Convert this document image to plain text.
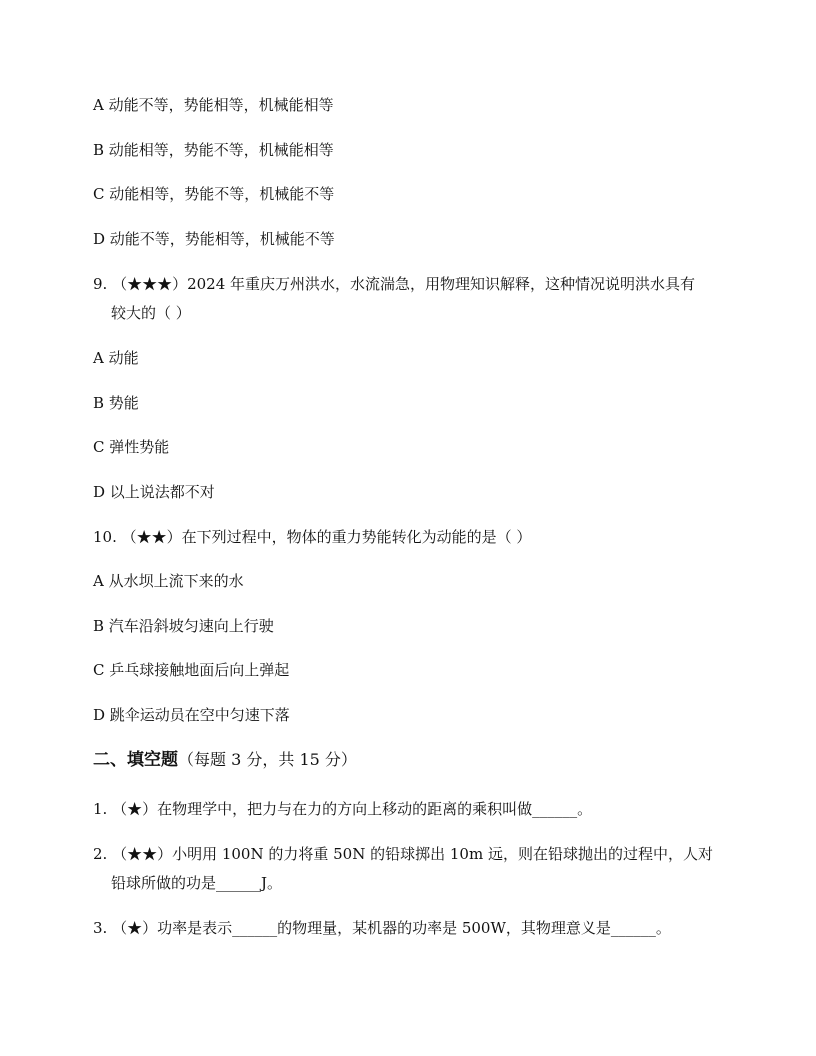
A 动能不等，势能相等，机械能相等
B 动能相等，势能不等，机械能相等
C 动能相等，势能不等，机械能不等
D 动能不等，势能相等，机械能不等
9. （★★★）2024 年重庆万州洪水，水流湍急，用物理知识解释，这种情况说明洪水具有
较大的（ ）
A 动能
B 势能
C 弹性势能
D 以上说法都不对
10. （★★）在下列过程中，物体的重力势能转化为动能的是（ ）
A 从水坝上流下来的水
B 汽车沿斜坡匀速向上行驶
C 乒乓球接触地面后向上弹起
D 跳伞运动员在空中匀速下落
二、填空题（每题 3 分，共 15 分）
1. （★）在物理学中，把力与在力的方向上移动的距离的乘积叫做______。
2. （★★）小明用 100N 的力将重 50N 的铅球掷出 10m 远，则在铅球抛出的过程中，人对
铅球所做的功是______J。
3. （★）功率是表示______的物理量，某机器的功率是 500W，其物理意义是______。
